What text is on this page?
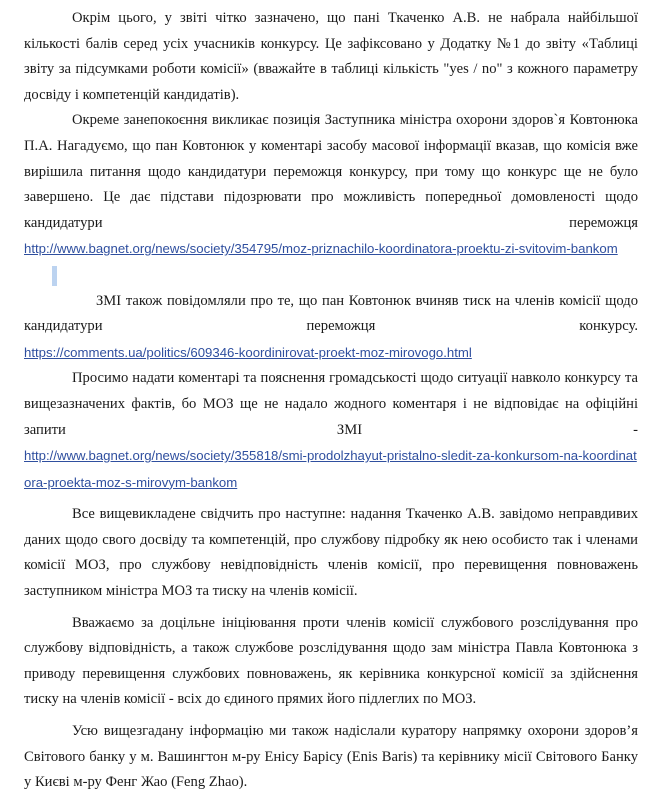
Окрім цього, у звіті чітко зазначено, що пані Ткаченко А.В. не набрала найбільшої кількості балів серед усіх учасників конкурсу. Це зафіксовано у Додатку №1 до звіту «Таблиці звіту за підсумками роботи комісії» (вважайте в таблиці кількість "yes / no" з кожного параметру досвіду і компетенцій кандидатів).

Окреме занепокоєння викликає позиція Заступника міністра охорони здоров`я Ковтонюка П.А. Нагадуємо, що пан Ковтонюк у коментарі засобу масової інформації вказав, що комісія вже вирішила питання щодо кандидатури переможця конкурсу, при тому що конкурс ще не було завершено. Це дає підстави підозрювати про можливість попередньої домовленості щодо кандидатури переможця

http://www.bagnet.org/news/society/354795/moz-priznachilo-koordinatora-proektu-zi-svitovim-bankom

ЗМІ також повідомляли про те, що пан Ковтонюк вчиняв тиск на членів комісії щодо кандидатури переможця конкурсу.

https://comments.ua/politics/609346-koordinirovat-proekt-moz-mirovogo.html

Просимо надати коментарі та пояснення громадськості щодо ситуації навколо конкурсу та вищезазначених фактів, бо МОЗ ще не надало жодного коментаря і не відповідає на офіційні запити ЗМІ -

http://www.bagnet.org/news/society/355818/smi-prodolzhayut-pristalno-sledit-za-konkursom-na-koordinatora-proekta-moz-s-mirovym-bankom

Все вищевикладене свідчить про наступне: надання Ткаченко А.В. завідомо неправдивих даних щодо свого досвіду та компетенцій, про службову підробку як нею особисто так і членами комісії МОЗ, про службову невідповідність членів комісії, про перевищення повноважень заступником міністра МОЗ та тиску на членів комісії.

Вважаємо за доцільне ініціювання проти членів комісії службового розслідування про службову відповідність, а також службове розслідування щодо зам міністра Павла Ковтонюка з приводу перевищення службових повноважень, як керівника конкурсної комісії за здійснення тиску на членів комісії - всіх до єдиного прямих його підлеглих по МОЗ.

Усю вищезгадану інформацію ми також надіслали куратору напрямку охорони здоров’я Світового банку у м. Вашингтон м-ру Енісу Барісу (Enis Baris) та керівнику місії Світового Банку у Києві м-ру Фенг Жао (Feng Zhao).
